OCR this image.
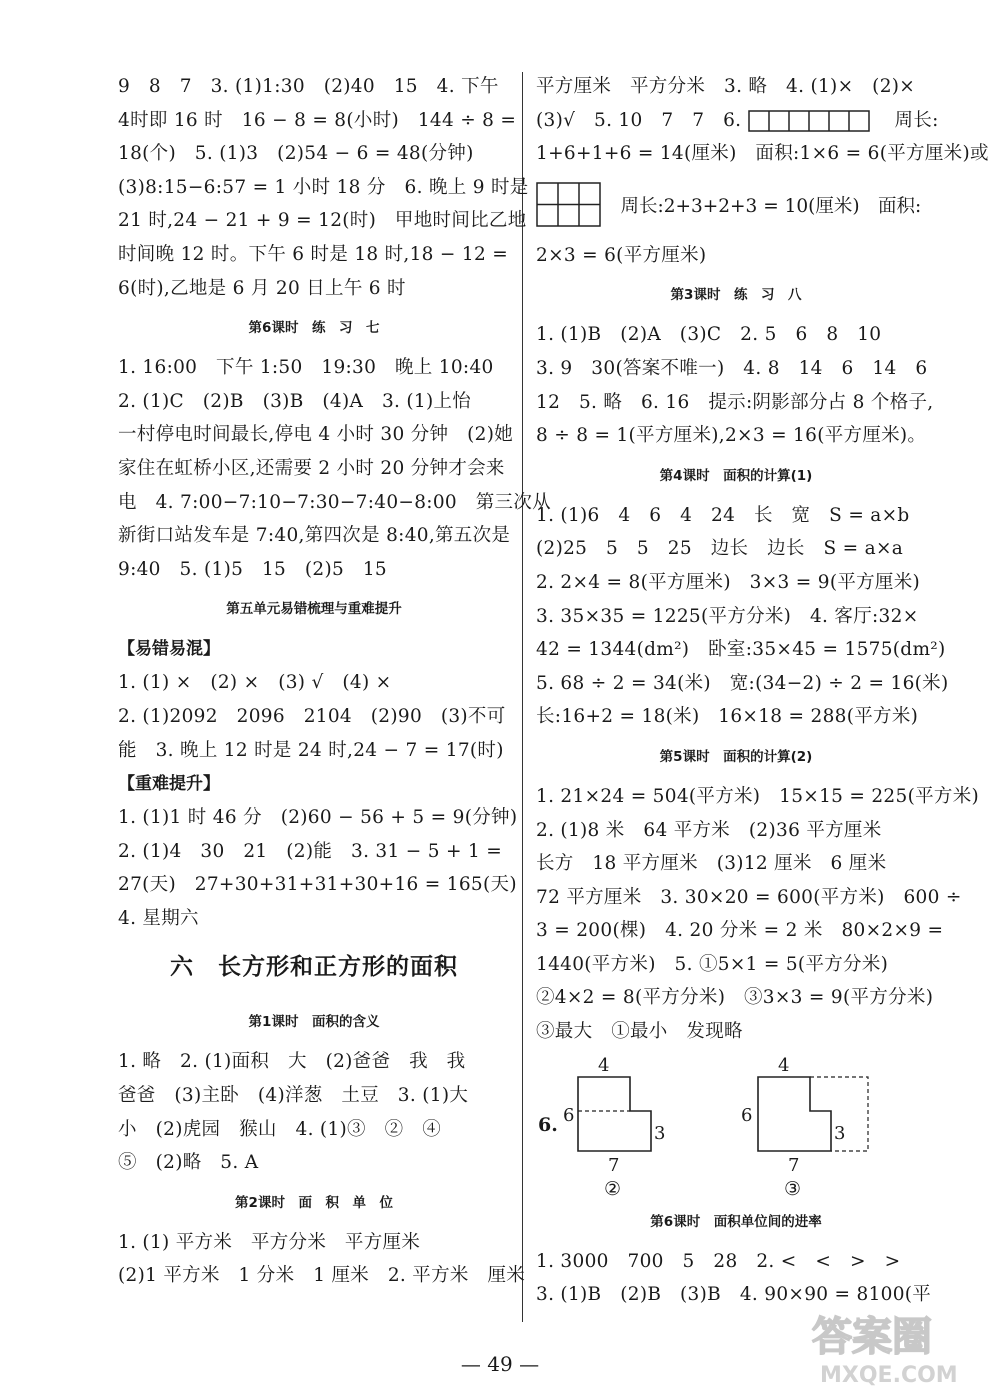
9　8　7　3. (1)1:30　(2)40　15　4. 下午
4时即 16 时　16 − 8 = 8(小时)　144 ÷ 8 =
18(个)　5. (1)3　(2)54 − 6 = 48(分钟)
(3)8:15−6:57 = 1 小时 18 分　6. 晚上 9 时是
21 时,24 − 21 + 9 = 12(时)　甲地时间比乙地
时间晚 12 时。下午 6 时是 18 时,18 − 12 =
6(时),乙地是 6 月 20 日上午 6 时
第6课时　练　习　七
1. 16:00　下午 1:50　19:30　晚上 10:40
2. (1)C　(2)B　(3)B　(4)A　3. (1)上怡
一村停电时间最长,停电 4 小时 30 分钟　(2)她
家住在虹桥小区,还需要 2 小时 20 分钟才会来
电　4. 7:00−7:10−7:30−7:40−8:00　第三次从
新街口站发车是 7:40,第四次是 8:40,第五次是
9:40　5. (1)5　15　(2)5　15
第五单元易错梳理与重难提升
【易错易混】
1. (1) ×　(2) ×　(3) √　(4) ×
2. (1)2092　2096　2104　(2)90　(3)不可
能　3. 晚上 12 时是 24 时,24 − 7 = 17(时)
【重难提升】
1. (1)1 时 46 分　(2)60 − 56 + 5 = 9(分钟)
2. (1)4　30　21　(2)能　3. 31 − 5 + 1 =
27(天)　27+30+31+31+30+16 = 165(天)
4. 星期六
六　长方形和正方形的面积
第1课时　面积的含义
1. 略　2. (1)面积　大　(2)爸爸　我　我
爸爸　(3)主卧　(4)洋葱　土豆　3. (1)大
小　(2)虎园　猴山　4. (1)③　②　④
⑤　(2)略　5. A
第2课时　面　积　单　位
1. (1) 平方米　平方分米　平方厘米
(2)1 平方米　1 分米　1 厘米　2. 平方米　厘米
平方厘米　平方分米　3. 略　4. (1)×　(2)×
(3)√　5. 10　7　7　6.	　周长:
1+6+1+6 = 14(厘米)　面积:1×6 = 6(平方厘米)或
　周长:2+3+2+3 = 10(厘米)　面积:
2×3 = 6(平方厘米)
第3课时　练　习　八
1. (1)B　(2)A　(3)C　2. 5　6　8　10
3. 9　30(答案不唯一)　4. 8　14　6　14　6
12　5. 略　6. 16　提示:阴影部分占 8 个格子,
8 ÷ 8 = 1(平方厘米),2×3 = 16(平方厘米)。
第4课时　面积的计算(1)
1. (1)6　4　6　4　24　长　宽　S = a×b
(2)25　5　5　25　边长　边长　S = a×a
2. 2×4 = 8(平方厘米)　3×3 = 9(平方厘米)
3. 35×35 = 1225(平方分米)　4. 客厅:32×
42 = 1344(dm²)　卧室:35×45 = 1575(dm²)
5. 68 ÷ 2 = 34(米)　宽:(34−2) ÷ 2 = 16(米)
长:16+2 = 18(米)　16×18 = 288(平方米)
第5课时　面积的计算(2)
1. 21×24 = 504(平方米)　15×15 = 225(平方米)
2. (1)8 米　64 平方米　(2)36 平方厘米
长方　18 平方厘米　(3)12 厘米　6 厘米
72 平方厘米　3. 30×20 = 600(平方米)　600 ÷
3 = 200(棵)　4. 20 分米 = 2 米　80×2×9 =
1440(平方米)　5. ①5×1 = 5(平方分米)
②4×2 = 8(平方分米)　③3×3 = 9(平方分米)
③最大　①最小　发现略
6.
4
6
3
7
②
4
6
3
7
③
第6课时　面积单位间的进率
1. 3000　700　5　28　2. <　<　>　>
3. (1)B　(2)B　(3)B　4. 90×90 = 8100(平
— 49 —
答案圈
MXQE.COM
